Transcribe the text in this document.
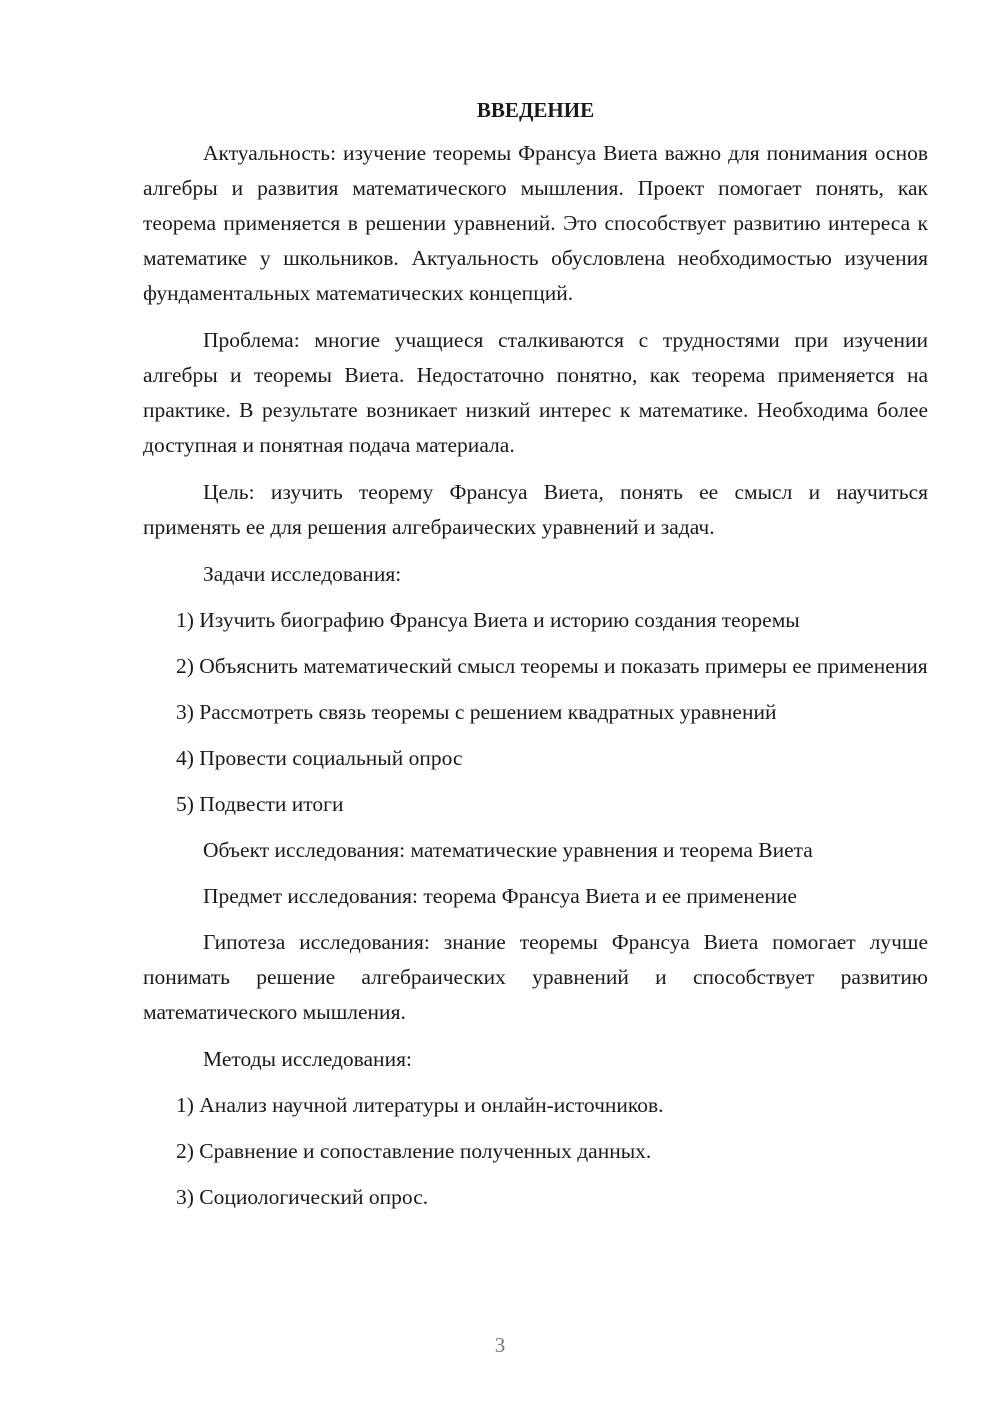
ВВЕДЕНИЕ

Актуальность: изучение теоремы Франсуа Виета важно для понимания основ алгебры и развития математического мышления. Проект помогает понять, как теорема применяется в решении уравнений. Это способствует развитию интереса к математике у школьников. Актуальность обусловлена необходимостью изучения фундаментальных математических концепций.

Проблема: многие учащиеся сталкиваются с трудностями при изучении алгебры и теоремы Виета. Недостаточно понятно, как теорема применяется на практике. В результате возникает низкий интерес к математике. Необходима более доступная и понятная подача материала.

Цель: изучить теорему Франсуа Виета, понять ее смысл и научиться применять ее для решения алгебраических уравнений и задач.

Задачи исследования:

1) Изучить биографию Франсуа Виета и историю создания теоремы

2) Объяснить математический смысл теоремы и показать примеры ее применения

3) Рассмотреть связь теоремы с решением квадратных уравнений

4) Провести социальный опрос

5) Подвести итоги

Объект исследования: математические уравнения и теорема Виета

Предмет исследования: теорема Франсуа Виета и ее применение

Гипотеза исследования: знание теоремы Франсуа Виета помогает лучше понимать решение алгебраических уравнений и способствует развитию математического мышления.

Методы исследования:

1) Анализ научной литературы и онлайн-источников.

2) Сравнение и сопоставление полученных данных.

3) Социологический опрос.

3
